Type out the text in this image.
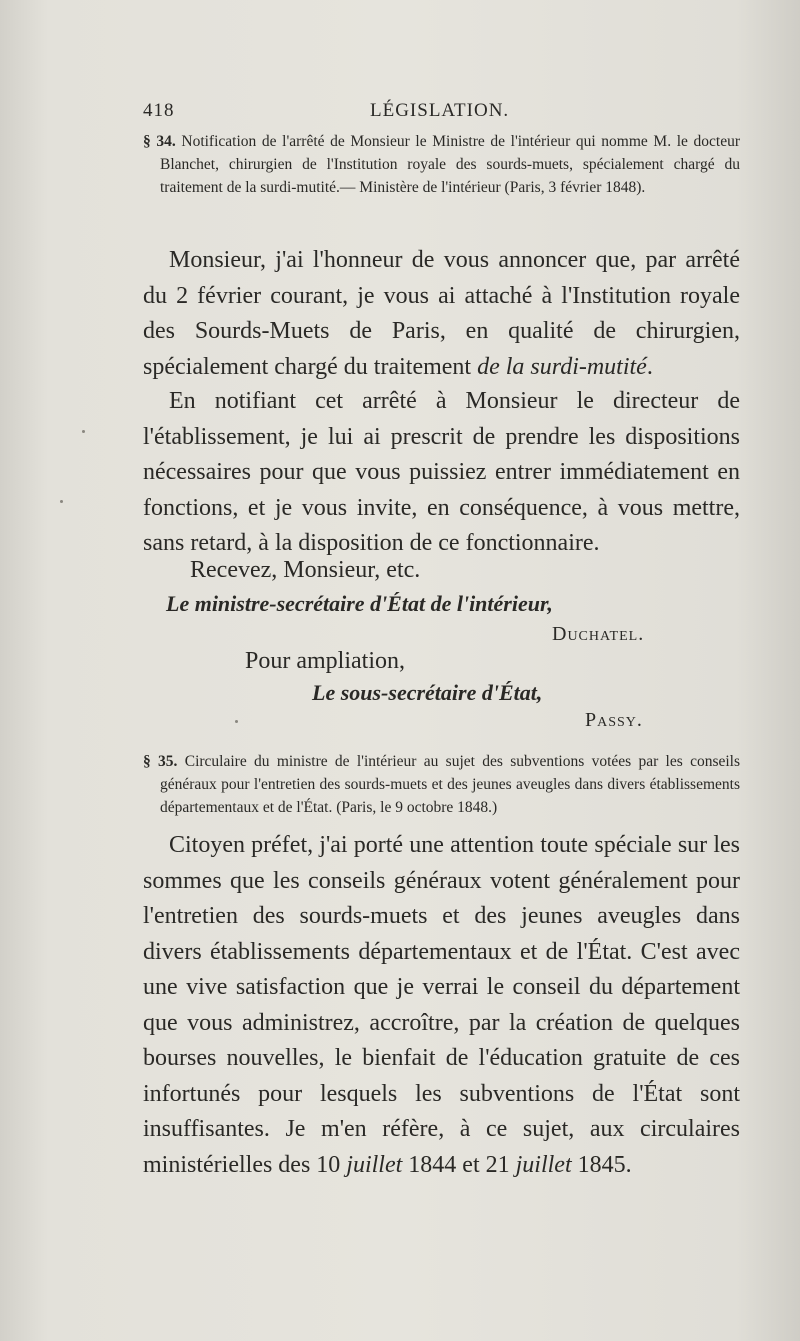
418	LÉGISLATION.
§ 34. Notification de l'arrêté de Monsieur le Ministre de l'intérieur qui nomme M. le docteur Blanchet, chirurgien de l'Institution royale des sourds-muets, spécialement chargé du traitement de la surdi-mutité.— Ministère de l'intérieur (Paris, 3 février 1848).
Monsieur, j'ai l'honneur de vous annoncer que, par arrêté du 2 février courant, je vous ai attaché à l'Institution royale des Sourds-Muets de Paris, en qualité de chirurgien, spécialement chargé du traitement de la surdi-mutité.
En notifiant cet arrêté à Monsieur le directeur de l'établissement, je lui ai prescrit de prendre les dispositions nécessaires pour que vous puissiez entrer immédiatement en fonctions, et je vous invite, en conséquence, à vous mettre, sans retard, à la disposition de ce fonctionnaire.
Recevez, Monsieur, etc.
Le ministre-secrétaire d'État de l'intérieur,
Duchatel.
Pour ampliation,
Le sous-secrétaire d'État,
Passy.
§ 35. Circulaire du ministre de l'intérieur au sujet des subventions votées par les conseils généraux pour l'entretien des sourds-muets et des jeunes aveugles dans divers établissements départementaux et de l'État. (Paris, le 9 octobre 1848.)
Citoyen préfet, j'ai porté une attention toute spéciale sur les sommes que les conseils généraux votent généralement pour l'entretien des sourds-muets et des jeunes aveugles dans divers établissements départementaux et de l'État. C'est avec une vive satisfaction que je verrai le conseil du département que vous administrez, accroître, par la création de quelques bourses nouvelles, le bienfait de l'éducation gratuite de ces infortunés pour lesquels les subventions de l'État sont insuffisantes. Je m'en réfère, à ce sujet, aux circulaires ministérielles des 10 juillet 1844 et 21 juillet 1845.
